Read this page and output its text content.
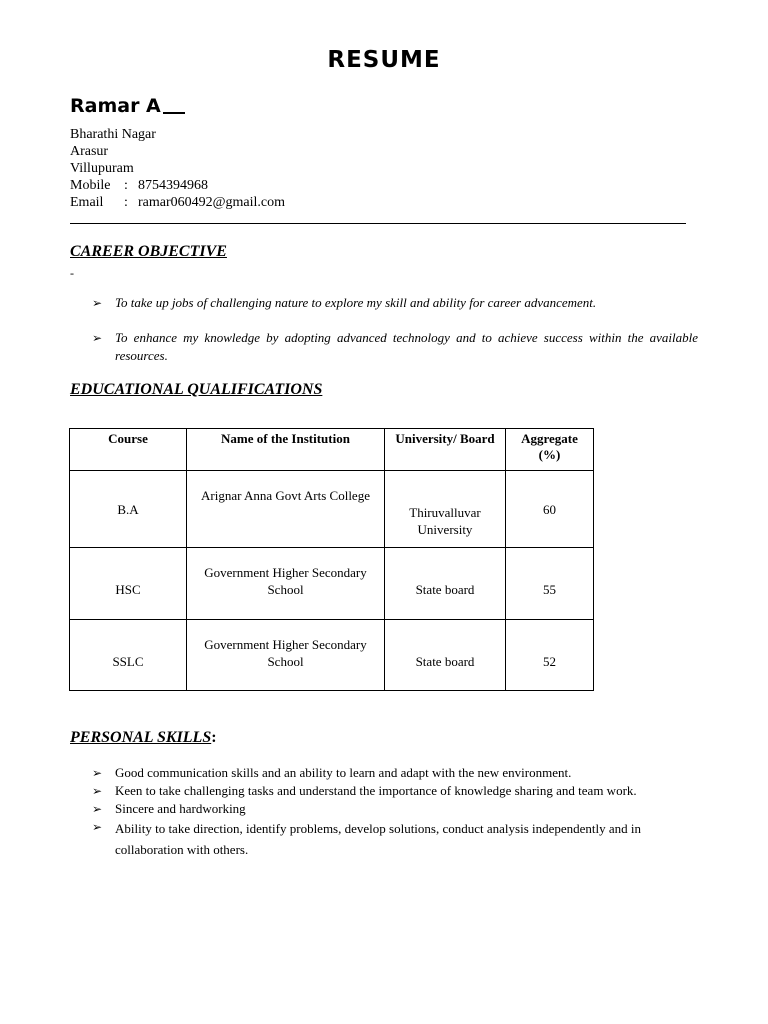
RESUME
Ramar A
Bharathi Nagar
Arasur
Villupuram
Mobile : 8754394968
Email : ramar060492@gmail.com
CAREER OBJECTIVE
-
➢ To take up jobs of challenging nature to explore my skill and ability for career advancement.
➢ To enhance my knowledge by adopting advanced technology and to achieve success within the available resources.
EDUCATIONAL QUALIFICATIONS
Course	Name of the Institution	University/ Board	Aggregate (%)
B.A	Arignar Anna Govt Arts College	Thiruvalluvar University	60
HSC	Government Higher Secondary School	State board	55
SSLC	Government Higher Secondary School	State board	52
PERSONAL SKILLS:
➢ Good communication skills and an ability to learn and adapt with the new environment.
➢ Keen to take challenging tasks and understand the importance of knowledge sharing and team work.
➢ Sincere and hardworking
➢ Ability to take direction, identify problems, develop solutions, conduct analysis independently and in collaboration with others.
